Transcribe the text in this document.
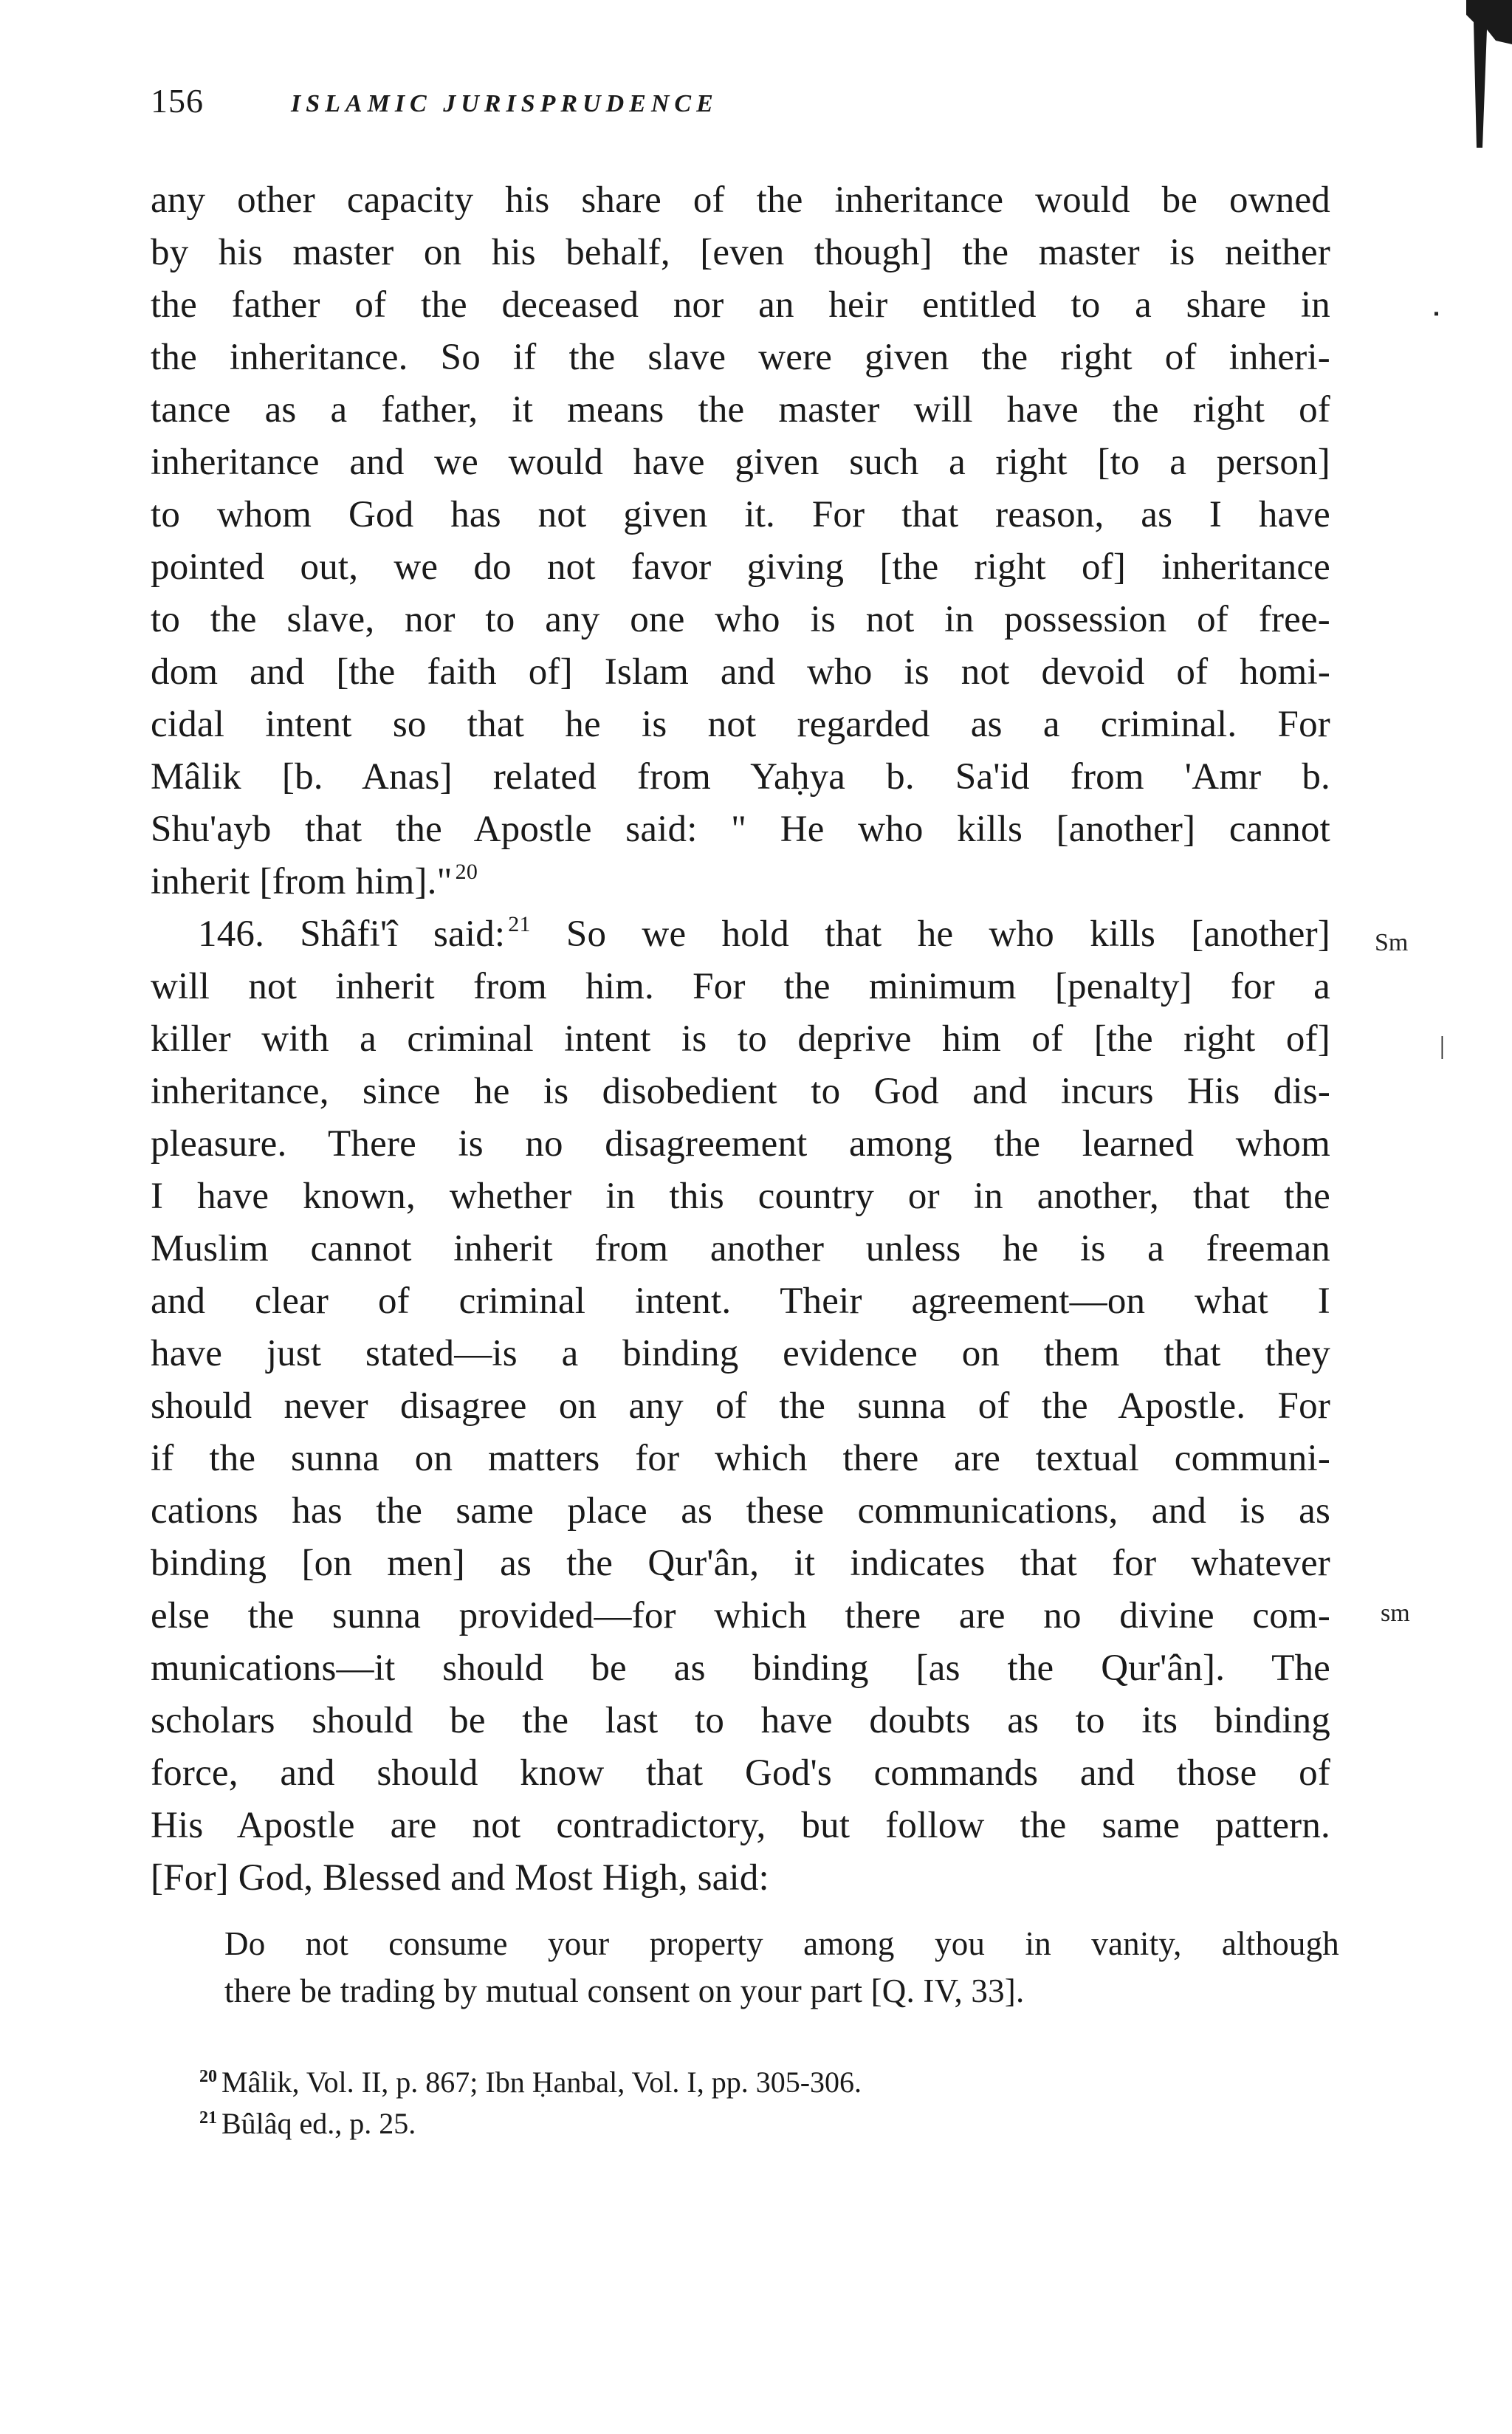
156	ISLAMIC JURISPRUDENCE
any other capacity his share of the inheritance would be owned
by his master on his behalf, [even though] the master is neither
the father of the deceased nor an heir entitled to a share in
the inheritance. So if the slave were given the right of inheri-
tance as a father, it means the master will have the right of
inheritance and we would have given such a right [to a person]
to whom God has not given it. For that reason, as I have
pointed out, we do not favor giving [the right of] inheritance
to the slave, nor to any one who is not in possession of free-
dom and [the faith of] Islam and who is not devoid of homi-
cidal intent so that he is not regarded as a criminal. For
Mâlik [b. Anas] related from Yaḥya b. Sa'id from 'Amr b.
Shu'ayb that the Apostle said: " He who kills [another] cannot
inherit [from him]." $^{20}$
146. Shâfi'î said: $^{21}$ So we hold that he who kills [another]
will not inherit from him. For the minimum [penalty] for a
killer with a criminal intent is to deprive him of [the right of]
inheritance, since he is disobedient to God and incurs His dis-
pleasure. There is no disagreement among the learned whom
I have known, whether in this country or in another, that the
Muslim cannot inherit from another unless he is a freeman
and clear of criminal intent. Their agreement—on what I
have just stated—is a binding evidence on them that they
should never disagree on any of the sunna of the Apostle. For
if the sunna on matters for which there are textual communi-
cations has the same place as these communications, and is as
binding [on men] as the Qur'ân, it indicates that for whatever
else the sunna provided—for which there are no divine com-
munications—it should be as binding [as the Qur'ân]. The
scholars should be the last to have doubts as to its binding
force, and should know that God's commands and those of
His Apostle are not contradictory, but follow the same pattern.
[For] God, Blessed and Most High, said:
Do not consume your property among you in vanity, although
there be trading by mutual consent on your part [Q. IV, 33].
$^{20}$ Mâlik, Vol. II, p. 867; Ibn Ḥanbal, Vol. I, pp. 305-306.
$^{21}$ Bûlâq ed., p. 25.
▪
Sm
|
sm
